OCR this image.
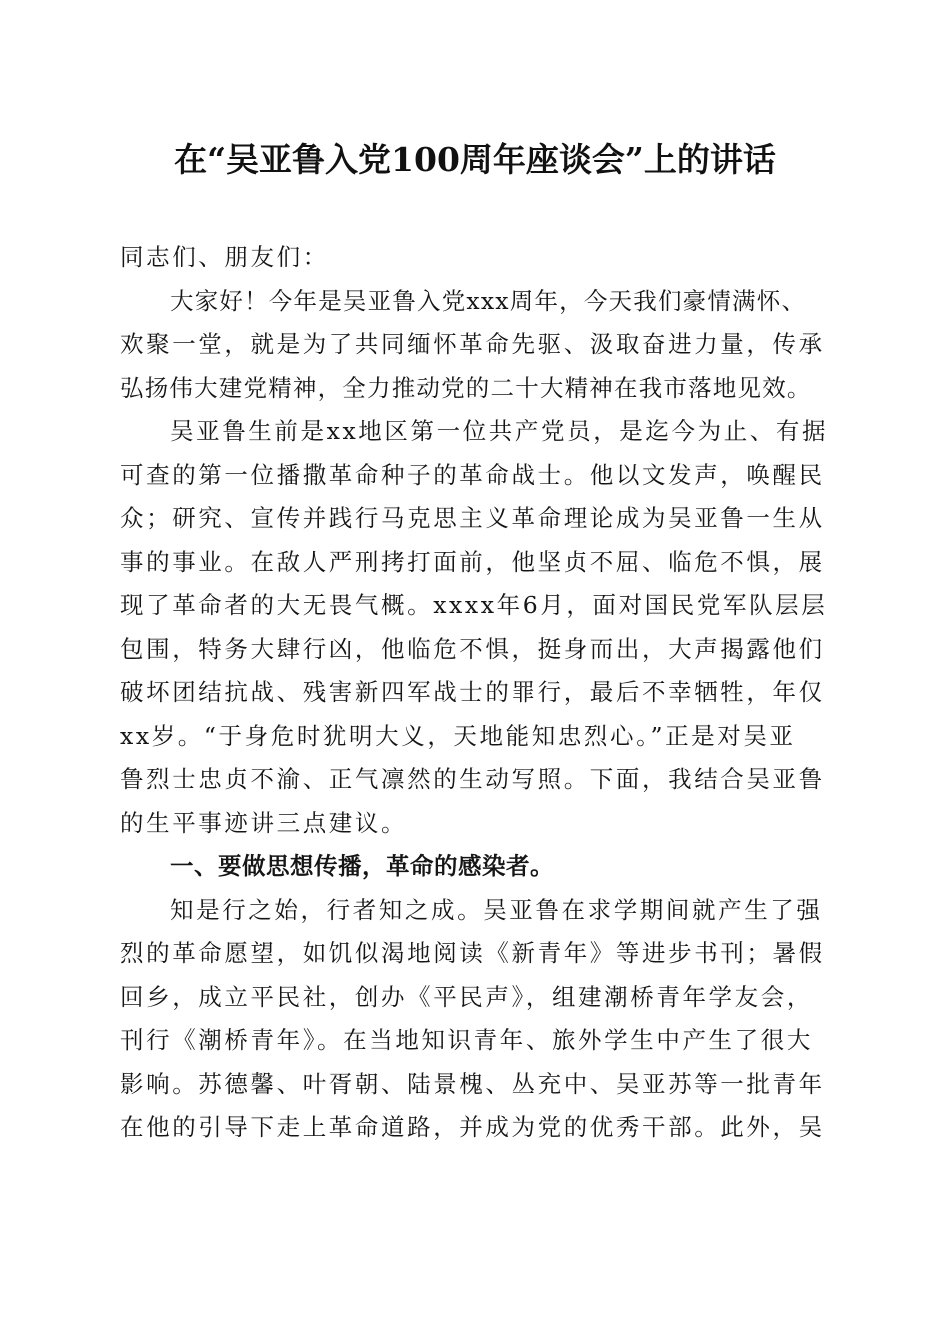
在“吴亚鲁入党100周年座谈会”上的讲话
同志们、朋友们：
大家好！今年是吴亚鲁入党xxx周年，今天我们豪情满怀、
欢聚一堂，就是为了共同缅怀革命先驱、汲取奋进力量，传承
弘扬伟大建党精神，全力推动党的二十大精神在我市落地见效。
吴亚鲁生前是xx地区第一位共产党员，是迄今为止、有据
可查的第一位播撒革命种子的革命战士。他以文发声，唤醒民
众；研究、宣传并践行马克思主义革命理论成为吴亚鲁一生从
事的事业。在敌人严刑拷打面前，他坚贞不屈、临危不惧，展
现了革命者的大无畏气概。xxxx年6月，面对国民党军队层层
包围，特务大肆行凶，他临危不惧，挺身而出，大声揭露他们
破坏团结抗战、残害新四军战士的罪行，最后不幸牺牲，年仅
xx岁。“于身危时犹明大义，天地能知忠烈心。”正是对吴亚
鲁烈士忠贞不渝、正气凛然的生动写照。下面，我结合吴亚鲁
的生平事迹讲三点建议。
一、要做思想传播，革命的感染者。
知是行之始，行者知之成。吴亚鲁在求学期间就产生了强
烈的革命愿望，如饥似渴地阅读《新青年》等进步书刊；暑假
回乡，成立平民社，创办《平民声》，组建潮桥青年学友会，
刊行《潮桥青年》。在当地知识青年、旅外学生中产生了很大
影响。苏德馨、叶胥朝、陆景槐、丛充中、吴亚苏等一批青年
在他的引导下走上革命道路，并成为党的优秀干部。此外，吴
